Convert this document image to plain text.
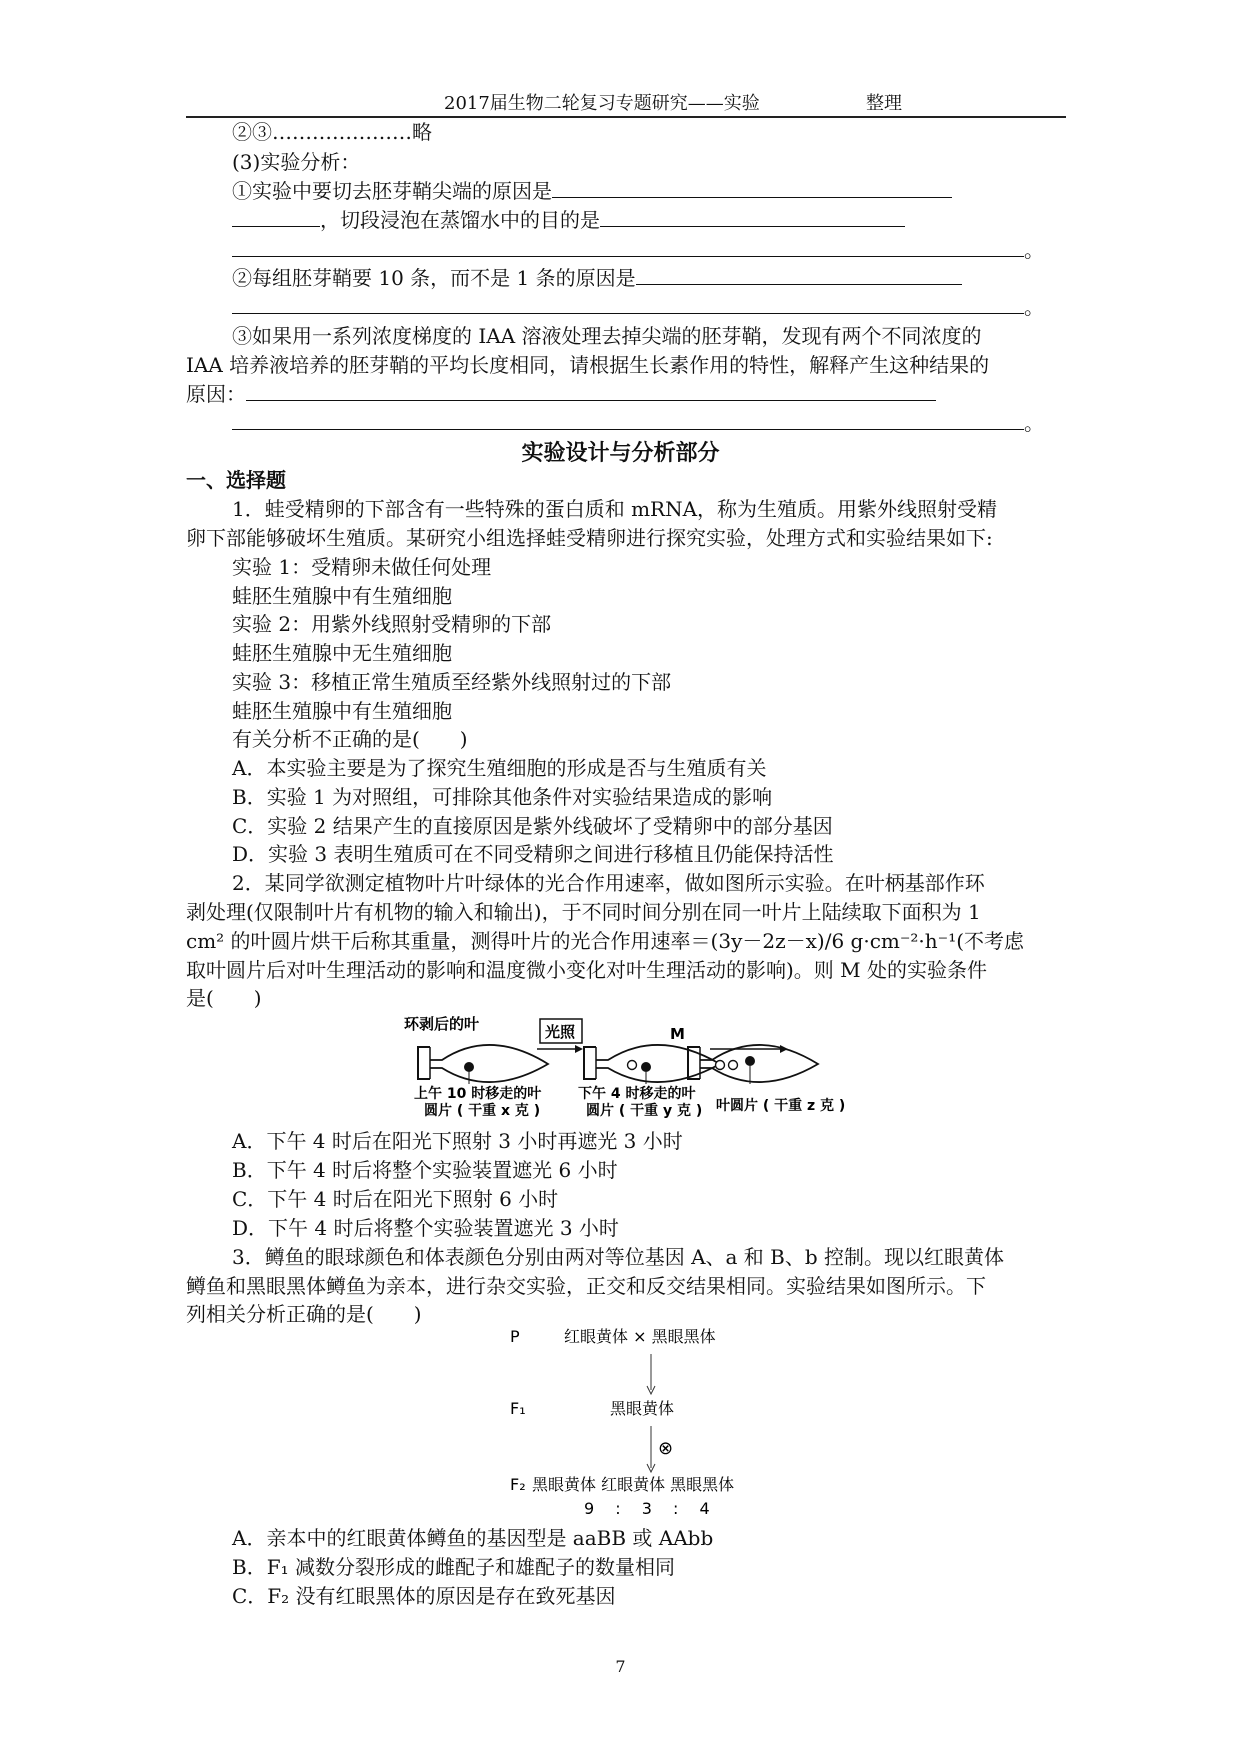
2017届生物二轮复习专题研究——实验	整理
②③…………………略
(3)实验分析：
①实验中要切去胚芽鞘尖端的原因是
，切段浸泡在蒸馏水中的目的是
。
②每组胚芽鞘要 10 条，而不是 1 条的原因是
。
③如果用一系列浓度梯度的 IAA 溶液处理去掉尖端的胚芽鞘，发现有两个不同浓度的
IAA 培养液培养的胚芽鞘的平均长度相同，请根据生长素作用的特性，解释产生这种结果的
原因：
。
实验设计与分析部分
一、选择题
1．蛙受精卵的下部含有一些特殊的蛋白质和 mRNA，称为生殖质。用紫外线照射受精
卵下部能够破坏生殖质。某研究小组选择蛙受精卵进行探究实验，处理方式和实验结果如下:
实验 1：受精卵未做任何处理
蛙胚生殖腺中有生殖细胞
实验 2：用紫外线照射受精卵的下部
蛙胚生殖腺中无生殖细胞
实验 3：移植正常生殖质至经紫外线照射过的下部
蛙胚生殖腺中有生殖细胞
有关分析不正确的是(　　)
A．本实验主要是为了探究生殖细胞的形成是否与生殖质有关
B．实验 1 为对照组，可排除其他条件对实验结果造成的影响
C．实验 2 结果产生的直接原因是紫外线破坏了受精卵中的部分基因
D．实验 3 表明生殖质可在不同受精卵之间进行移植且仍能保持活性
2．某同学欲测定植物叶片叶绿体的光合作用速率，做如图所示实验。在叶柄基部作环
剥处理(仅限制叶片有机物的输入和输出)，于不同时间分别在同一叶片上陆续取下面积为 1
cm² 的叶圆片烘干后称其重量，测得叶片的光合作用速率＝(3y－2z－x)/6 g·cm⁻²·h⁻¹(不考虑
取叶圆片后对叶生理活动的影响和温度微小变化对叶生理活动的影响)。则 M 处的实验条件
是(　　)
环剥后的叶	光照	M
上午 10 时移走的叶
圆片 ( 干重 x 克 )
下午 4 时移走的叶
圆片 ( 干重 y 克 ) 叶圆片 ( 干重 z 克 )
A．下午 4 时后在阳光下照射 3 小时再遮光 3 小时
B．下午 4 时后将整个实验装置遮光 6 小时
C．下午 4 时后在阳光下照射 6 小时
D．下午 4 时后将整个实验装置遮光 3 小时
3．鳟鱼的眼球颜色和体表颜色分别由两对等位基因 A、a 和 B、b 控制。现以红眼黄体
鳟鱼和黑眼黑体鳟鱼为亲本，进行杂交实验，正交和反交结果相同。实验结果如图所示。下
列相关分析正确的是(　　)
P	红眼黄体 × 黑眼黑体
F₁	黑眼黄体
⊗
F₂ 黑眼黄体 红眼黄体 黑眼黑体
9　 :　 3　 :　 4
A．亲本中的红眼黄体鳟鱼的基因型是 aaBB 或 AAbb
B．F₁ 减数分裂形成的雌配子和雄配子的数量相同
C．F₂ 没有红眼黑体的原因是存在致死基因
7
